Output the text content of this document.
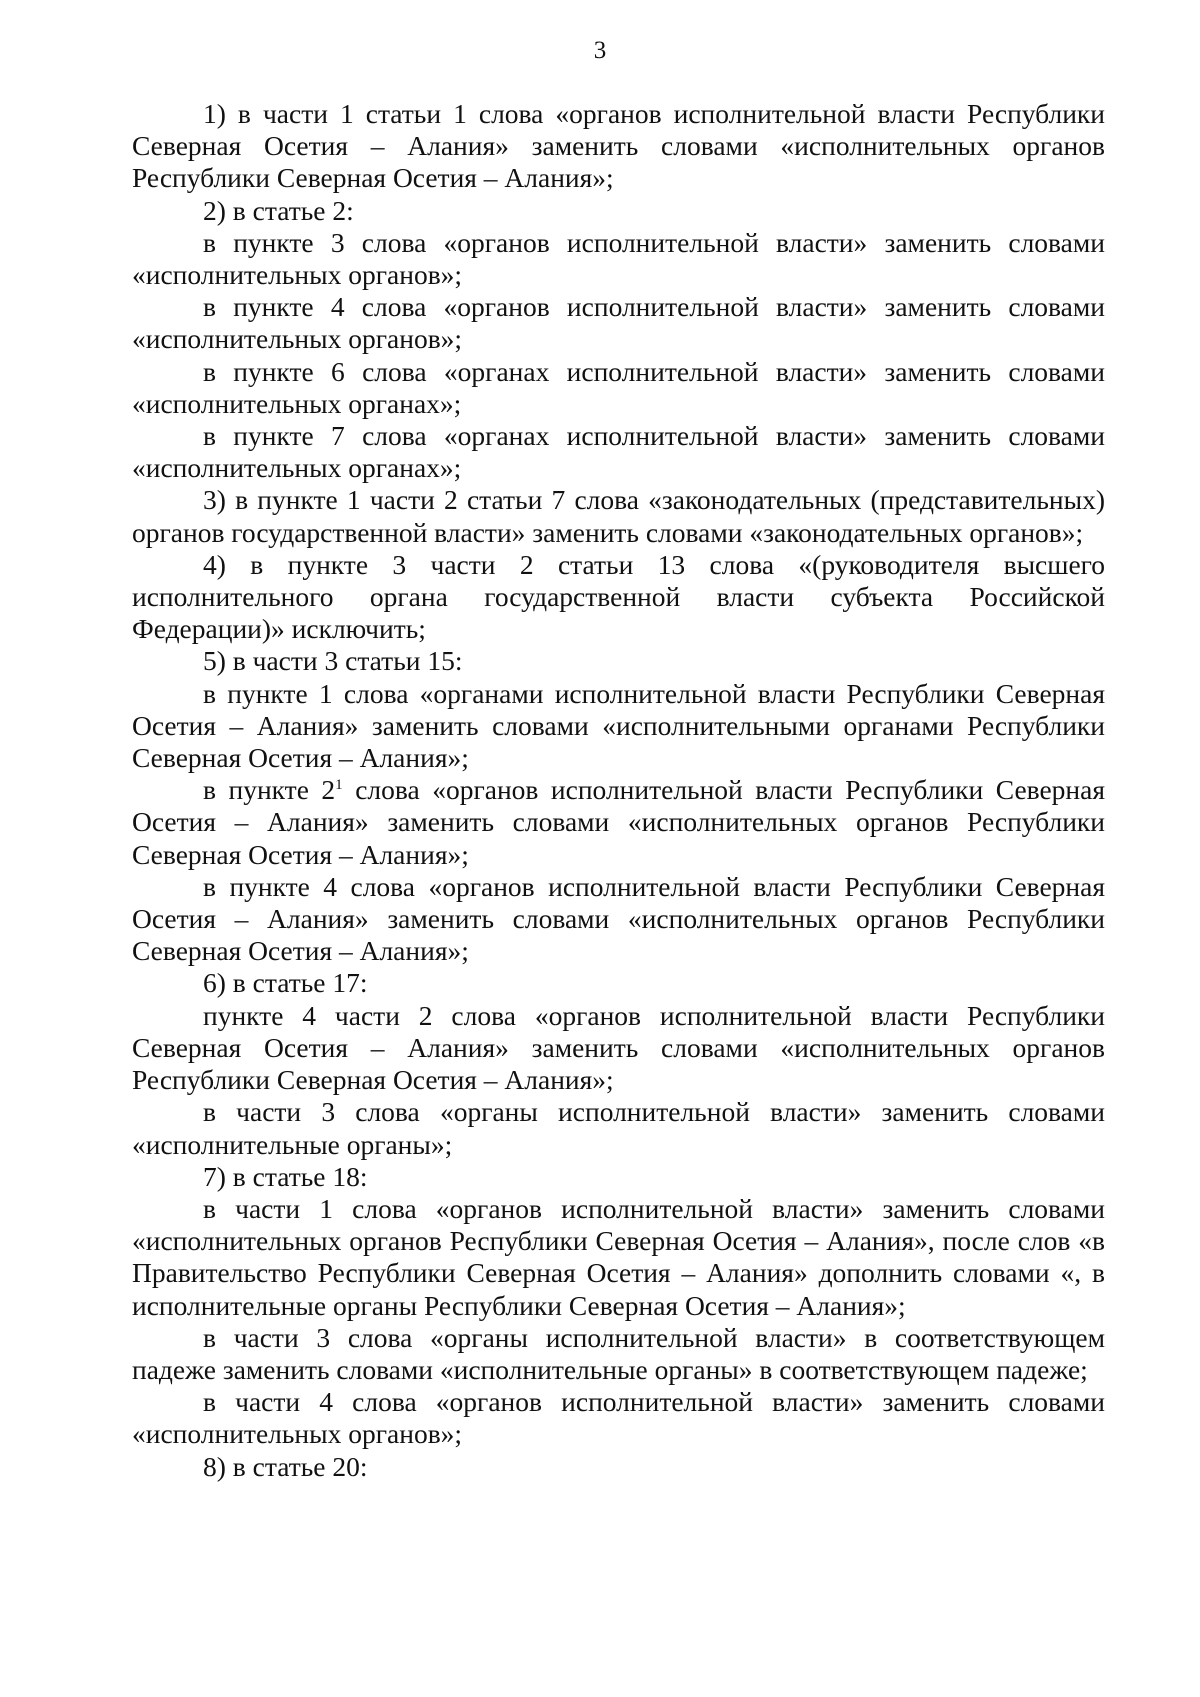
3

1) в части 1 статьи 1 слова «органов исполнительной власти Республики Северная Осетия – Алания» заменить словами «исполнительных органов Республики Северная Осетия – Алания»;

2) в статье 2:

в пункте 3 слова «органов исполнительной власти» заменить словами «исполнительных органов»;

в пункте 4 слова «органов исполнительной власти» заменить словами «исполнительных органов»;

в пункте 6 слова «органах исполнительной власти» заменить словами «исполнительных органах»;

в пункте 7 слова «органах исполнительной власти» заменить словами «исполнительных органах»;

3) в пункте 1 части 2 статьи 7 слова «законодательных (представительных) органов государственной власти» заменить словами «законодательных органов»;

4) в пункте 3 части 2 статьи 13 слова «(руководителя высшего исполнительного органа государственной власти субъекта Российской Федерации)» исключить;

5) в части 3 статьи 15:

в пункте 1 слова «органами исполнительной власти Республики Северная Осетия – Алания» заменить словами «исполнительными органами Республики Северная Осетия – Алания»;

в пункте $2^1$ слова «органов исполнительной власти Республики Северная Осетия – Алания» заменить словами «исполнительных органов Республики Северная Осетия – Алания»;

в пункте 4 слова «органов исполнительной власти Республики Северная Осетия – Алания» заменить словами «исполнительных органов Республики Северная Осетия – Алания»;

6) в статье 17:

пункте 4 части 2 слова «органов исполнительной власти Республики Северная Осетия – Алания» заменить словами «исполнительных органов Республики Северная Осетия – Алания»;

в части 3 слова «органы исполнительной власти» заменить словами «исполнительные органы»;

7) в статье 18:

в части 1 слова «органов исполнительной власти» заменить словами «исполнительных органов Республики Северная Осетия – Алания», после слов «в Правительство Республики Северная Осетия – Алания» дополнить словами «, в исполнительные органы Республики Северная Осетия – Алания»;

в части 3 слова «органы исполнительной власти» в соответствующем падеже заменить словами «исполнительные органы» в соответствующем падеже;

в части 4 слова «органов исполнительной власти» заменить словами «исполнительных органов»;

8) в статье 20:
